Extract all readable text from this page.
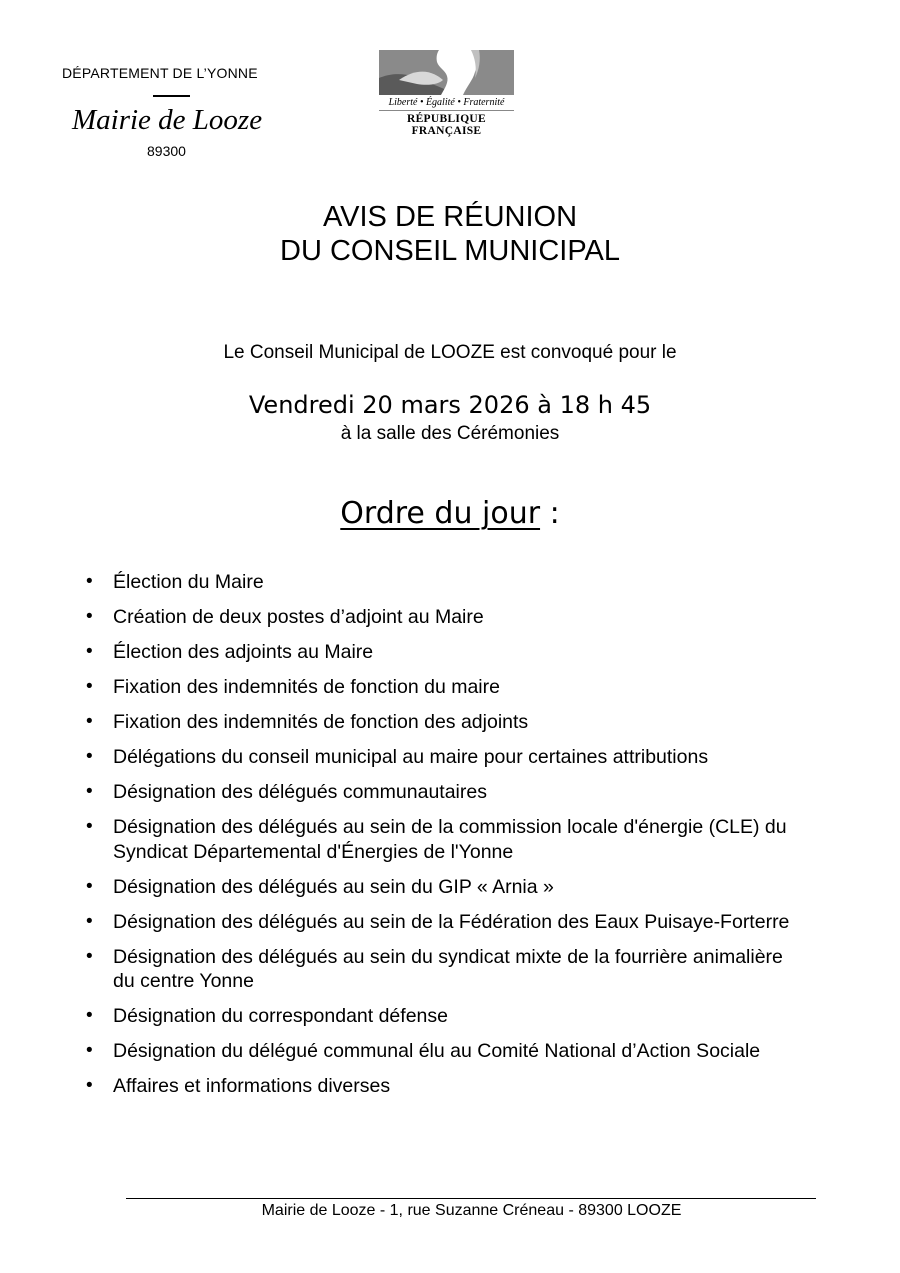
DÉPARTEMENT DE L’YONNE
Mairie de Looze
89300
Liberté • Égalité • Fraternité
RÉPUBLIQUE FRANÇAISE
AVIS DE RÉUNION
DU CONSEIL MUNICIPAL
Le Conseil Municipal de LOOZE est convoqué pour le
Vendredi 20 mars 2026 à 18 h 45
à la salle des Cérémonies
Ordre du jour :
• Élection du Maire
• Création de deux postes d’adjoint au Maire
• Élection des adjoints au Maire
• Fixation des indemnités de fonction du maire
• Fixation des indemnités de fonction des adjoints
• Délégations du conseil municipal au maire pour certaines attributions
• Désignation des délégués communautaires
• Désignation des délégués au sein de la commission locale d'énergie (CLE) du Syndicat Départemental d'Énergies de l'Yonne
• Désignation des délégués au sein du GIP « Arnia »
• Désignation des délégués au sein de la Fédération des Eaux Puisaye-Forterre
• Désignation des délégués au sein du syndicat mixte de la fourrière animalière du centre Yonne
• Désignation du correspondant défense
• Désignation du délégué communal élu au Comité National d’Action Sociale
• Affaires et informations diverses
Mairie de Looze - 1, rue Suzanne Créneau - 89300 LOOZE
